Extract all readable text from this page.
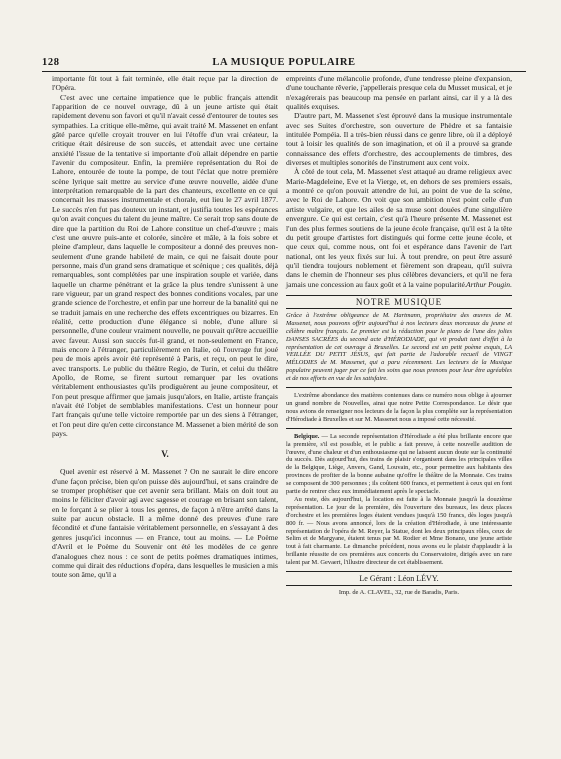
128	LA MUSIQUE POPULAIRE

importante fût tout à fait terminée, elle était reçue par la direction de l'Opéra.

C'est avec une certaine impatience que le public français attendit l'apparition de ce nouvel ouvrage, dû à un jeune artiste qui était rapidement devenu son favori et qu'il n'avait cessé d'entourer de toutes ses sympathies. La critique elle-même, qui avait traité M. Massenet en enfant gâté parce qu'elle croyait trouver en lui l'étoffe d'un vrai créateur, la critique était désireuse de son succès, et attendait avec une certaine anxiété l'issue de la tentative si importante d'où allait dépendre en partie l'avenir du compositeur. Enfin, la première représentation du Roi de Lahore, entourée de toute la pompe, de tout l'éclat que notre première scène lyrique sait mettre au service d'une œuvre nouvelle, aidée d'une interprétation remarquable de la part des chanteurs, excellente en ce qui concernait les masses instrumentale et chorale, eut lieu le 27 avril 1877. Le succès n'en fut pas douteux un instant, et justifia toutes les espérances qu'on avait conçues du talent du jeune maître. Ce serait trop sans doute de dire que la partition du Roi de Lahore constitue un chef-d'œuvre ; mais c'est une œuvre puis-ante et colorée, sincère et mâle, à la fois sobre et pleine d'ampleur, dans laquelle le compositeur a donné des preuves non-seulement d'une grande habileté de main, ce qui ne faisait doute pour personne, mais d'un grand sens dramatique et scénique ; ces qualités, déjà remarquables, sont complétées par une inspiration souple et variée, dans laquelle un charme pénétrant et la grâce la plus tendre s'unissent à une rare vigueur, par un grand respect des bonnes conditions vocales, par une grande science de l'orchestre, et enfin par une horreur de la banalité qui ne se traduit jamais en une recherche des effets excentriques ou bizarres. En réalité, cette production d'une élégance si noble, d'une allure si personnelle, d'une couleur vraiment nouvelle, ne pouvait qu'être accueillie avec faveur. Aussi son succès fut-il grand, et non-seulement en France, mais encore à l'étranger, particulièrement en Italie, où l'ouvrage fut joué peu de mois après avoir été représenté à Paris, et reçu, on peut le dire, avec transports. Le public du théâtre Regio, de Turin, et celui du théâtre Apollo, de Rome, se firent surtout remarquer par les ovations véritablement enthousiastes qu'ils prodiguèrent au jeune compositeur, et l'on peut presque affirmer que jamais jusqu'alors, en Italie, artiste français n'avait été l'objet de semblables manifestations. C'est un honneur pour l'art français qu'une telle victoire remportée par un des siens à l'étranger, et l'on peut dire qu'en cette circonstance M. Massenet a bien mérité de son pays.

V.

Quel avenir est réservé à M. Massenet ? On ne saurait le dire encore d'une façon précise, bien qu'on puisse dès aujourd'hui, et sans craindre de se tromper prophétiser que cet avenir sera brillant. Mais on doit tout au moins le féliciter d'avoir agi avec sagesse et courage en brisant son talent, en le forçant à se plier à tous les genres, de façon à n'être arrêté dans la suite par aucun obstacle. Il a même donné des preuves d'une rare fécondité et d'une fantaisie véritablement personnelle, en s'essayant à des genres jusqu'ici inconnus — en France, tout au moins. — Le Poème d'Avril et le Poème du Souvenir ont été les modèles de ce genre d'analogues chez nous : ce sont de petits poèmes dramatiques intimes, comme qui dirait des réductions d'opéra, dans lesquelles le musicien a mis toute son âme, qu'il a

empreints d'une mélancolie profonde, d'une tendresse pleine d'expansion, d'une touchante rêverie, j'appellerais presque cela du Musset musical, et je n'exagérerais pas beaucoup ma pensée en parlant ainsi, car il y a là des qualités exquises.

D'autre part, M. Massenet s'est éprouvé dans la musique instrumentale avec ses Suites d'orchestre, son ouverture de Phèdre et sa fantaisie intitulée Pompéia. Il a très-bien réussi dans ce genre libre, où il a déployé tout à loisir les qualités de son imagination, et où il a prouvé sa grande connaissance des effets d'orchestre, des accouplements de timbres, des diverses et multiples sonorités de l'instrument aux cent voix.

À côté de tout cela, M. Massenet s'est attaqué au drame religieux avec Marie-Magdeleine, Eve et la Vierge, et, en dehors de ses premiers essais, a montré ce qu'on pouvait attendre de lui, au point de vue de la scène, avec le Roi de Lahore. On voit que son ambition n'est point celle d'un artiste vulgaire, et que les ailes de sa muse sont douées d'une singulière envergure. Ce qui est certain, c'est qu'à l'heure présente M. Massenet est l'un des plus fermes soutiens de la jeune école française, qu'il est à la tête du petit groupe d'artistes fort distingués qui forme cette jeune école, et que ceux qui, comme nous, ont foi et espérance dans l'avenir de l'art national, ont les yeux fixés sur lui. À tout prendre, on peut être assuré qu'il tiendra toujours noblement et fièrement son drapeau, qu'il suivra dans le chemin de l'honneur ses plus célèbres devanciers, et qu'il ne fera jamais une concession au faux goût et à la vaine popularité. Arthur Pougin.
NOTRE MUSIQUE

Grâce à l'extrême obligeance de M. Hartmann, propriétaire des œuvres de M. Massenet, nous pouvons offrir aujourd'hui à nos lecteurs deux morceaux du jeune et célèbre maître français. Le premier est la réduction pour le piano de l'une des jolies DANSES SACRÉES du second acte d'HÉRODIADE, qui vit produit tant d'effet à la représentation de cet ouvrage à Bruxelles. Le second est un petit poème exquis, LA VEILLÉE DU PETIT JÉSUS, qui fait partie de l'adorable recueil de VINGT MÉLODIES de M. Massenet, qui a paru récemment. Les lecteurs de la Musique populaire peuvent juger par ce fait les soins que nous prenons pour leur être agréables et de nos efforts en vue de les satisfaire.

L'extrême abondance des matières contenues dans ce numéro nous oblige à ajourner un grand nombre de Nouvelles, ainsi que notre Petite Correspondance. Le désir que nous avions de renseigner nos lecteurs de la façon la plus complète sur la représentation d'Hérodiade à Bruxelles et sur M. Massenet nous a imposé cette nécessité.

Belgique. — La seconde représentation d'Hérodiade a été plus brillante encore que la première, s'il est possible, et le public a fait preuve, à cette nouvelle audition de l'œuvre, d'une chaleur et d'un enthousiasme qui ne laissent aucun doute sur la continuité du succès. Dès aujourd'hui, des trains de plaisir s'organisent dans les principales villes de la Belgique, Liège, Anvers, Gand, Louvain, etc., pour permettre aux habitants des provinces de profiter de la bonne aubaine qu'offre le théâtre de la Monnaie. Ces trains se composent de 300 personnes ; ils coûtent 600 francs, et permettent à ceux qui en font partie de rentrer chez eux immédiatement après le spectacle.

Au reste, dès aujourd'hui, la location est faite à la Monnaie jusqu'à la douzième représentation. Le jour de la première, dès l'ouverture des bureaux, les deux places d'orchestre et les premières loges étaient vendues jusqu'à 150 francs, dès loges jusqu'à 800 fr. — Nous avons annoncé, lors de la création d'Hérodiade, à une intéressante représentation de l'opéra de M. Reyer, la Statue, dont les deux principaux rôles, ceux de Selim et de Margyane, étaient tenus par M. Rodier et Mme Bonano, une jeune artiste tout à fait charmante. Le dimanche précédent, nous avons eu le plaisir d'applaudir à la brillante réussite de ces premières aux concerts du Conservatoire, dirigés avec un rare talent par M. Gevaert, l'illustre directeur de cet établissement.

Le Gérant : Léon LÉVY.
Imp. de A. CLAVEL, 32, rue de Baradis, Paris.
